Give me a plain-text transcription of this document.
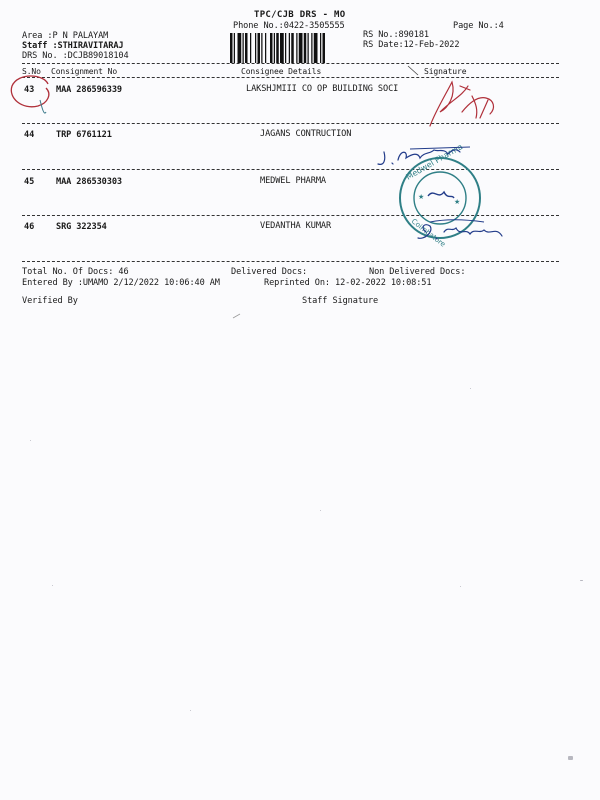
TPC/CJB DRS - MO
Phone No.:0422-3505555
Area :P N PALAYAM
Staff :STHIRAVITARAJ
DRS No. :DCJB89018104
RS No.:890181
RS Date:12-Feb-2022
Page No.:4
S.No Consignment No	Consignee Details	Signature
43	MAA 286596339	LAKSHJMIII CO OP BUILDING SOCI
44	TRP 6761121	JAGANS CONTRUCTION
45	MAA 286530303	MEDWEL PHARMA
46	SRG 322354	VEDANTHA KUMAR
Total No. Of Docs: 46	Delivered Docs:	Non Delivered Docs:
Entered By :UMAMO 2/12/2022 10:06:40 AM	Reprinted On: 12-02-2022 10:08:51
Verified By	Staff Signature
Medwel Pharma
Coimbatore
★
★
